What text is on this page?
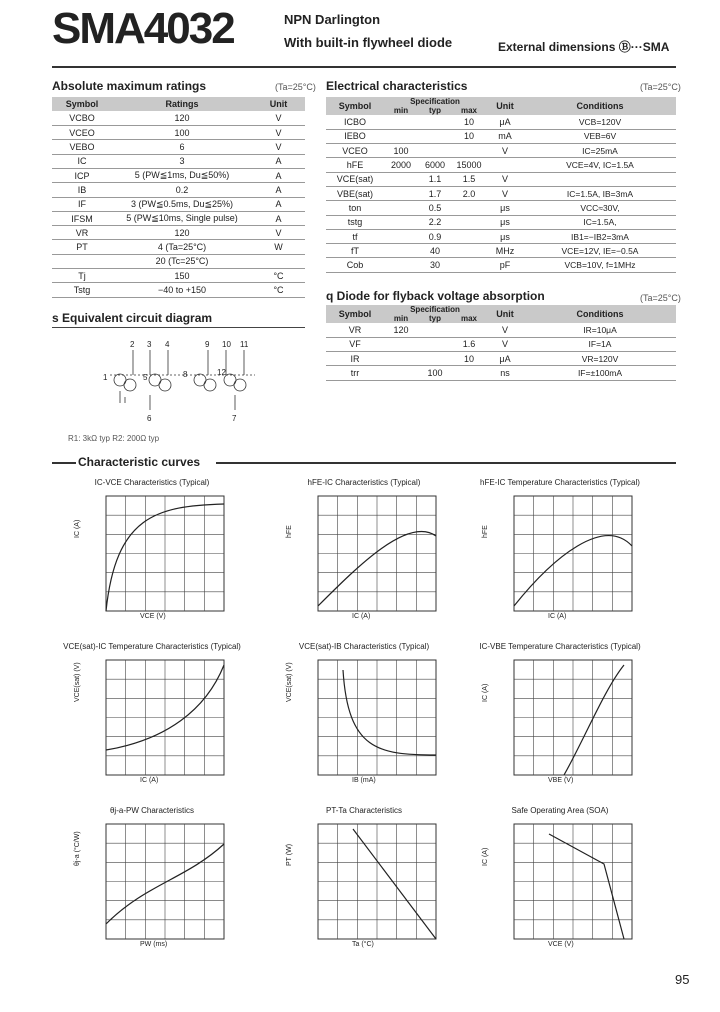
SMA4032	NPN Darlington
With built-in flywheel diode	External dimensions Ⓑ···SMA
Absolute maximum ratings	(Ta=25°C)
Symbol	Ratings	Unit
VCBO	120	V
VCEO	100	V
VEBO	6	V
IC	3	A
ICP	5 (PW≦1ms, Du≦50%)	A
IB	0.2	A
IF	3 (PW≦0.5ms, Du≦25%)	A
IFSM	5 (PW≦10ms, Single pulse)	A
VR	120	V
PT	4 (Ta=25°C)	W
	20 (Tc=25°C)	
Tj	150	°C
Tstg	−40 to +150	°C
Electrical characteristics	(Ta=25°C)
Symbol	Specification			Unit	Conditions
	min	typ	max		
ICBO			10	μA	VCB=120V
IEBO			10	mA	VEB=6V
VCEO	100			V	IC=25mA
hFE	2000	6000	15000		VCE=4V, IC=1.5A
VCE(sat)		1.1	1.5	V	
VBE(sat)		1.7	2.0	V	IC=1.5A, IB=3mA
ton		0.5		μs	VCC≈30V,
tstg		2.2		μs	IC=1.5A,
tf		0.9		μs	IB1=−IB2=3mA
fT		40		MHz	VCE=12V, IE=−0.5A
Cob		30		pF	VCB=10V, f=1MHz
q Diode for flyback voltage absorption	(Ta=25°C)
Symbol	Specification			Unit	Conditions
	min	typ	max		
VR	120			V	IR=10μA
VF			1.6	V	IF=1A
IR			10	μA	VR=120V
trr		100		ns	IF=±100mA
s Equivalent circuit diagram
2 3 4	9 10 11
1	5	8	12
6	7
R1: 3kΩ typ R2: 200Ω typ
Characteristic curves
IC-VCE Characteristics (Typical)
VCE (V)
IC (A)
hFE-IC Characteristics (Typical)
IC (A)
hFE
hFE-IC Temperature Characteristics (Typical)
IC (A)
hFE
VCE(sat)-IC Temperature Characteristics (Typical)
IC (A)
VCE(sat) (V)
VCE(sat)-IB Characteristics (Typical)
IB (mA)
VCE(sat) (V)
IC-VBE Temperature Characteristics (Typical)
VBE (V)
IC (A)
θj-a-PW Characteristics
PW (ms)
θj-a (°C/W)
PT-Ta Characteristics
Ta (°C)
PT (W)
Safe Operating Area (SOA)
VCE (V)
IC (A)
95
